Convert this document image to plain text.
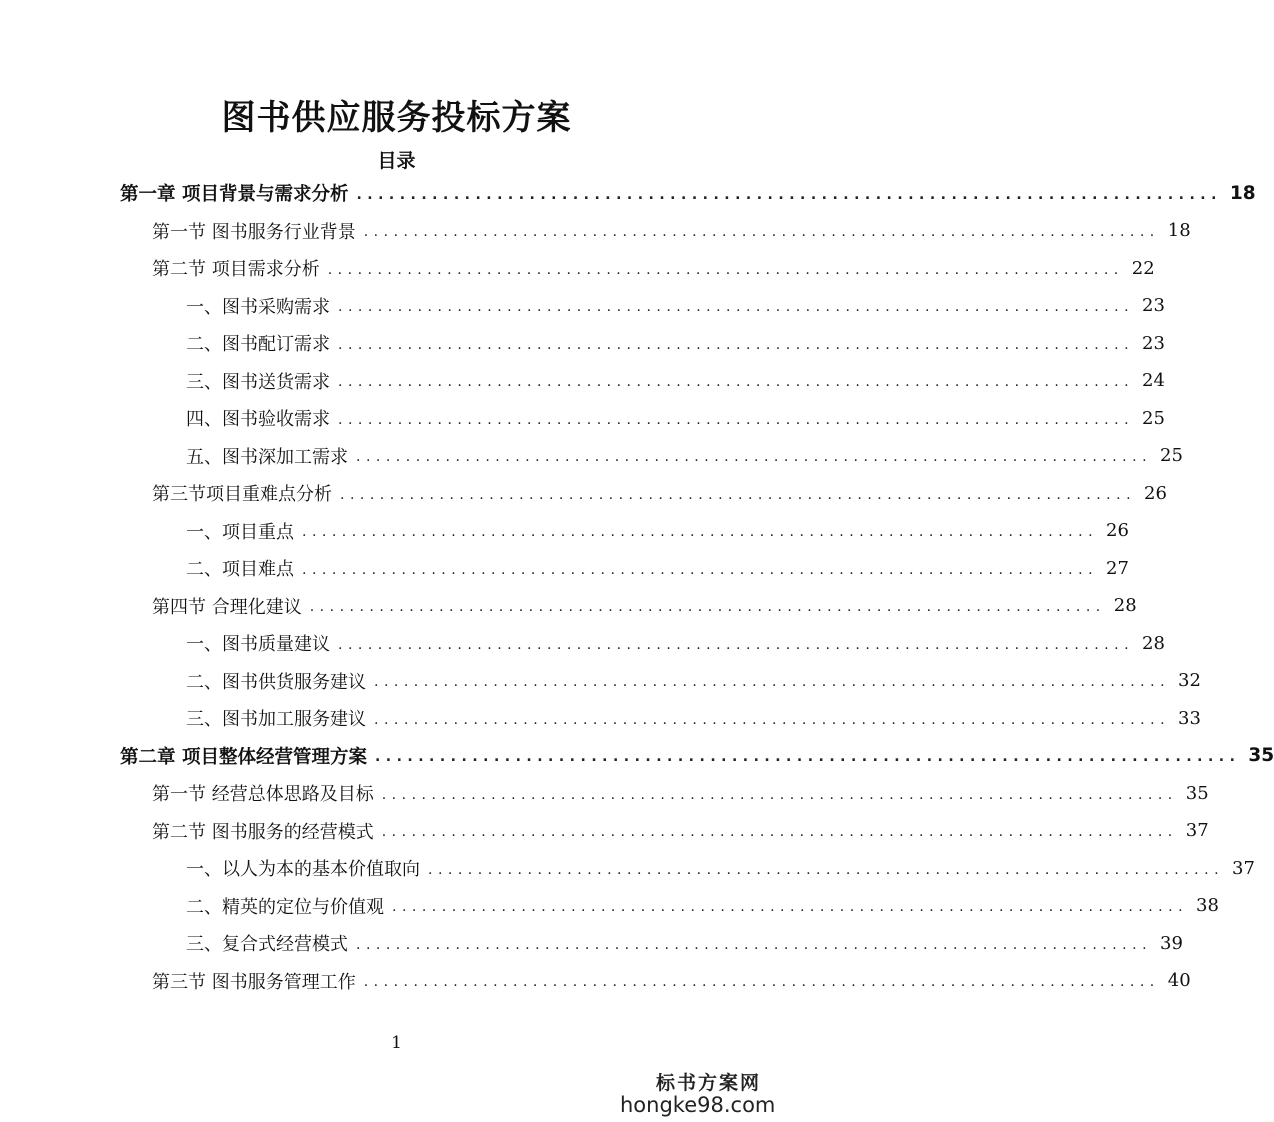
图书供应服务投标方案
目录
第一章 项目背景与需求分析 ................................................................................ 18
第一节 图书服务行业背景 ................................................................................ 18
第二节 项目需求分析 ................................................................................ 22
一、图书采购需求 ................................................................................ 23
二、图书配订需求 ................................................................................ 23
三、图书送货需求 ................................................................................ 24
四、图书验收需求 ................................................................................ 25
五、图书深加工需求 ................................................................................ 25
第三节项目重难点分析 ................................................................................ 26
一、项目重点 ................................................................................ 26
二、项目难点 ................................................................................ 27
第四节 合理化建议 ................................................................................ 28
一、图书质量建议 ................................................................................ 28
二、图书供货服务建议 ................................................................................ 32
三、图书加工服务建议 ................................................................................ 33
第二章 项目整体经营管理方案 ................................................................................ 35
第一节 经营总体思路及目标 ................................................................................ 35
第二节 图书服务的经营模式 ................................................................................ 37
一、以人为本的基本价值取向 ................................................................................ 37
二、精英的定位与价值观 ................................................................................ 38
三、复合式经营模式 ................................................................................ 39
第三节 图书服务管理工作 ................................................................................ 40
1
标书方案网
hongke98.com
